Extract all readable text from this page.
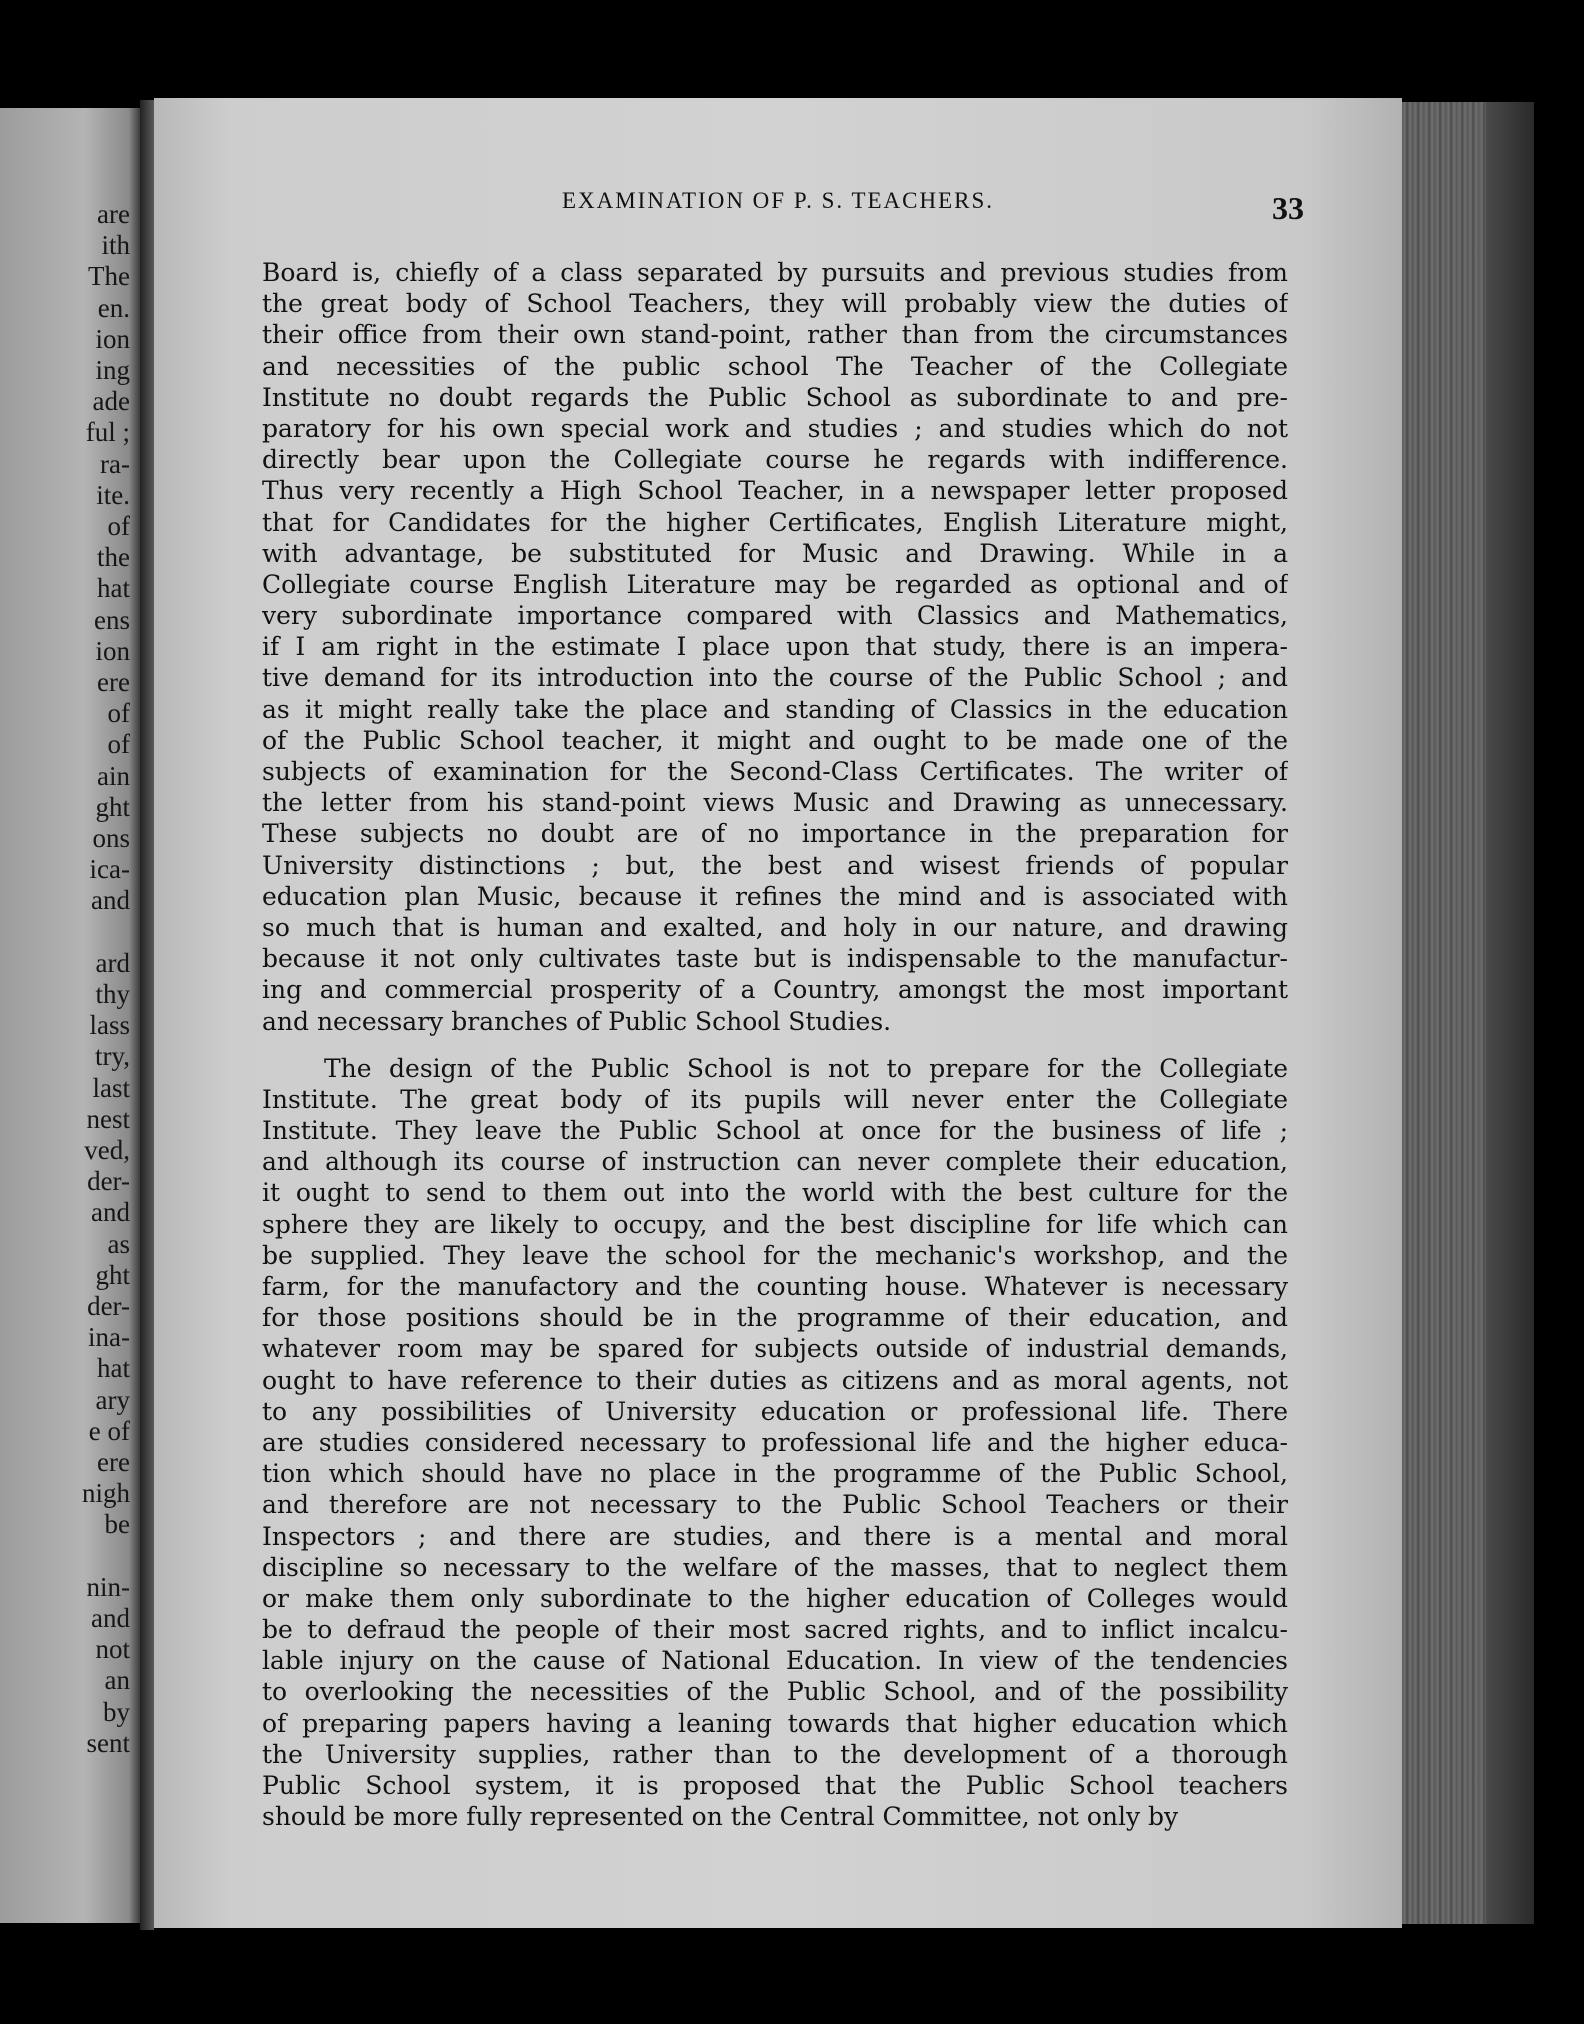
are
ith
The
en.
ion
ing
ade
ful ;
ra-
ite.
of
the
hat
ens
ion
ere
of
of
ain
ght
ons
ica-
and
ard
thy
lass
try,
last
nest
ved,
der-
and
as
ght
der-
ina-
hat
ary
e of
ere
nigh
be
nin-
and
not
an
by
sent
EXAMINATION OF P. S. TEACHERS.	33
Board is, chiefly of a class separated by pursuits and previous studies from
the great body of School Teachers, they will probably view the duties of
their office from their own stand-point, rather than from the circumstances
and necessities of the public school The Teacher of the Collegiate
Institute no doubt regards the Public School as subordinate to and pre-
paratory for his own special work and studies ; and studies which do not
directly bear upon the Collegiate course he regards with indifference.
Thus very recently a High School Teacher, in a newspaper letter proposed
that for Candidates for the higher Certificates, English Literature might,
with advantage, be substituted for Music and Drawing. While in a
Collegiate course English Literature may be regarded as optional and of
very subordinate importance compared with Classics and Mathematics,
if I am right in the estimate I place upon that study, there is an impera-
tive demand for its introduction into the course of the Public School ; and
as it might really take the place and standing of Classics in the education
of the Public School teacher, it might and ought to be made one of the
subjects of examination for the Second-Class Certificates. The writer of
the letter from his stand-point views Music and Drawing as unnecessary.
These subjects no doubt are of no importance in the preparation for
University distinctions ; but, the best and wisest friends of popular
education plan Music, because it refines the mind and is associated with
so much that is human and exalted, and holy in our nature, and drawing
because it not only cultivates taste but is indispensable to the manufactur-
ing and commercial prosperity of a Country, amongst the most important
and necessary branches of Public School Studies.
The design of the Public School is not to prepare for the Collegiate
Institute. The great body of its pupils will never enter the Collegiate
Institute. They leave the Public School at once for the business of life ;
and although its course of instruction can never complete their education,
it ought to send to them out into the world with the best culture for the
sphere they are likely to occupy, and the best discipline for life which can
be supplied. They leave the school for the mechanic's workshop, and the
farm, for the manufactory and the counting house. Whatever is necessary
for those positions should be in the programme of their education, and
whatever room may be spared for subjects outside of industrial demands,
ought to have reference to their duties as citizens and as moral agents, not
to any possibilities of University education or professional life. There
are studies considered necessary to professional life and the higher educa-
tion which should have no place in the programme of the Public School,
and therefore are not necessary to the Public School Teachers or their
Inspectors ; and there are studies, and there is a mental and moral
discipline so necessary to the welfare of the masses, that to neglect them
or make them only subordinate to the higher education of Colleges would
be to defraud the people of their most sacred rights, and to inflict incalcu-
lable injury on the cause of National Education. In view of the tendencies
to overlooking the necessities of the Public School, and of the possibility
of preparing papers having a leaning towards that higher education which
the University supplies, rather than to the development of a thorough
Public School system, it is proposed that the Public School teachers
should be more fully represented on the Central Committee, not only by
